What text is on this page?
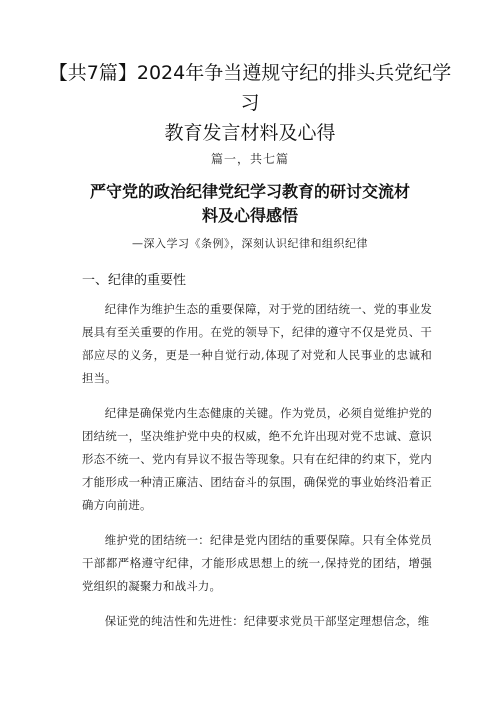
【共7篇】2024年争当遵规守纪的排头兵党纪学习
教育发言材料及心得
篇一，共七篇
严守党的政治纪律党纪学习教育的研讨交流材
料及心得感悟
—深入学习《条例》，深刻认识纪律和组织纪律
一、纪律的重要性

纪律作为维护生态的重要保障，对于党的团结统一、党的事业发展具有至关重要的作用。在党的领导下，纪律的遵守不仅是党员、干部应尽的义务，更是一种自觉行动,体现了对党和人民事业的忠诚和担当。

纪律是确保党内生态健康的关键。作为党员，必须自觉维护党的团结统一，坚决维护党中央的权威，绝不允许出现对党不忠诚、意识形态不统一、党内有异议不报告等现象。只有在纪律的约束下，党内才能形成一种清正廉洁、团结奋斗的氛围，确保党的事业始终沿着正确方向前进。

维护党的团结统一：纪律是党内团结的重要保障。只有全体党员干部都严格遵守纪律，才能形成思想上的统一,保持党的团结，增强党组织的凝聚力和战斗力。

保证党的纯洁性和先进性：纪律要求党员干部坚定理想信念，维
